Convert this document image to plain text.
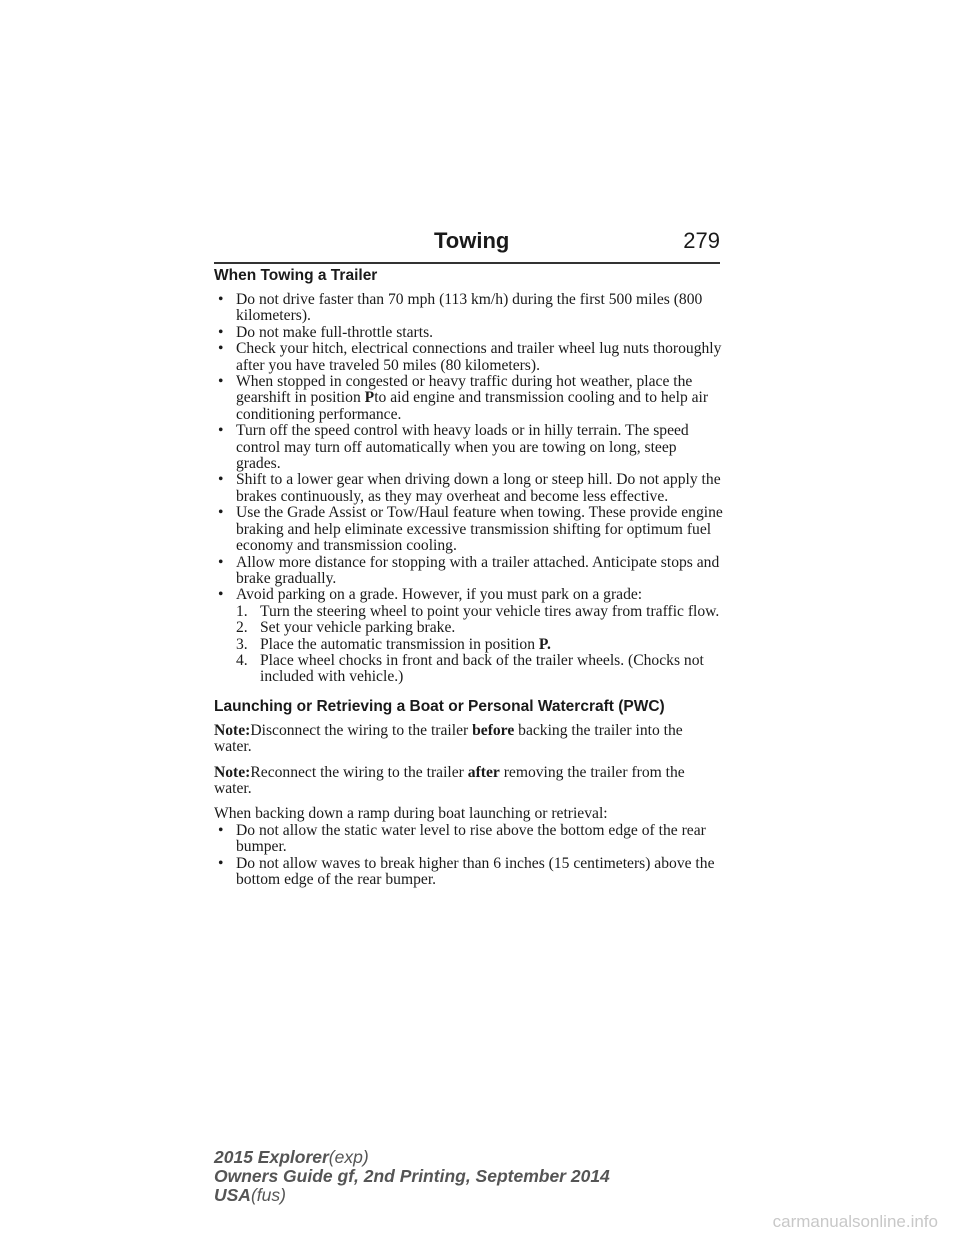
Towing	279
When Towing a Trailer
• Do not drive faster than 70 mph (113 km/h) during the first 500 miles (800 kilometers).
• Do not make full-throttle starts.
• Check your hitch, electrical connections and trailer wheel lug nuts thoroughly after you have traveled 50 miles (80 kilometers).
• When stopped in congested or heavy traffic during hot weather, place the gearshift in position Pto aid engine and transmission cooling and to help air conditioning performance.
• Turn off the speed control with heavy loads or in hilly terrain. The speed control may turn off automatically when you are towing on long, steep grades.
• Shift to a lower gear when driving down a long or steep hill. Do not apply the brakes continuously, as they may overheat and become less effective.
• Use the Grade Assist or Tow/Haul feature when towing. These provide engine braking and help eliminate excessive transmission shifting for optimum fuel economy and transmission cooling.
• Allow more distance for stopping with a trailer attached. Anticipate stops and brake gradually.
• Avoid parking on a grade. However, if you must park on a grade:
1. Turn the steering wheel to point your vehicle tires away from traffic flow.
2. Set your vehicle parking brake.
3. Place the automatic transmission in position P.
4. Place wheel chocks in front and back of the trailer wheels. (Chocks not included with vehicle.)
Launching or Retrieving a Boat or Personal Watercraft (PWC)

Note:Disconnect the wiring to the trailer before backing the trailer into the water.

Note:Reconnect the wiring to the trailer after removing the trailer from the water.

When backing down a ramp during boat launching or retrieval:
• Do not allow the static water level to rise above the bottom edge of the rear bumper.
• Do not allow waves to break higher than 6 inches (15 centimeters) above the bottom edge of the rear bumper.
2015 Explorer(exp)
Owners Guide gf, 2nd Printing, September 2014
USA(fus)
carmanualsonline.info
